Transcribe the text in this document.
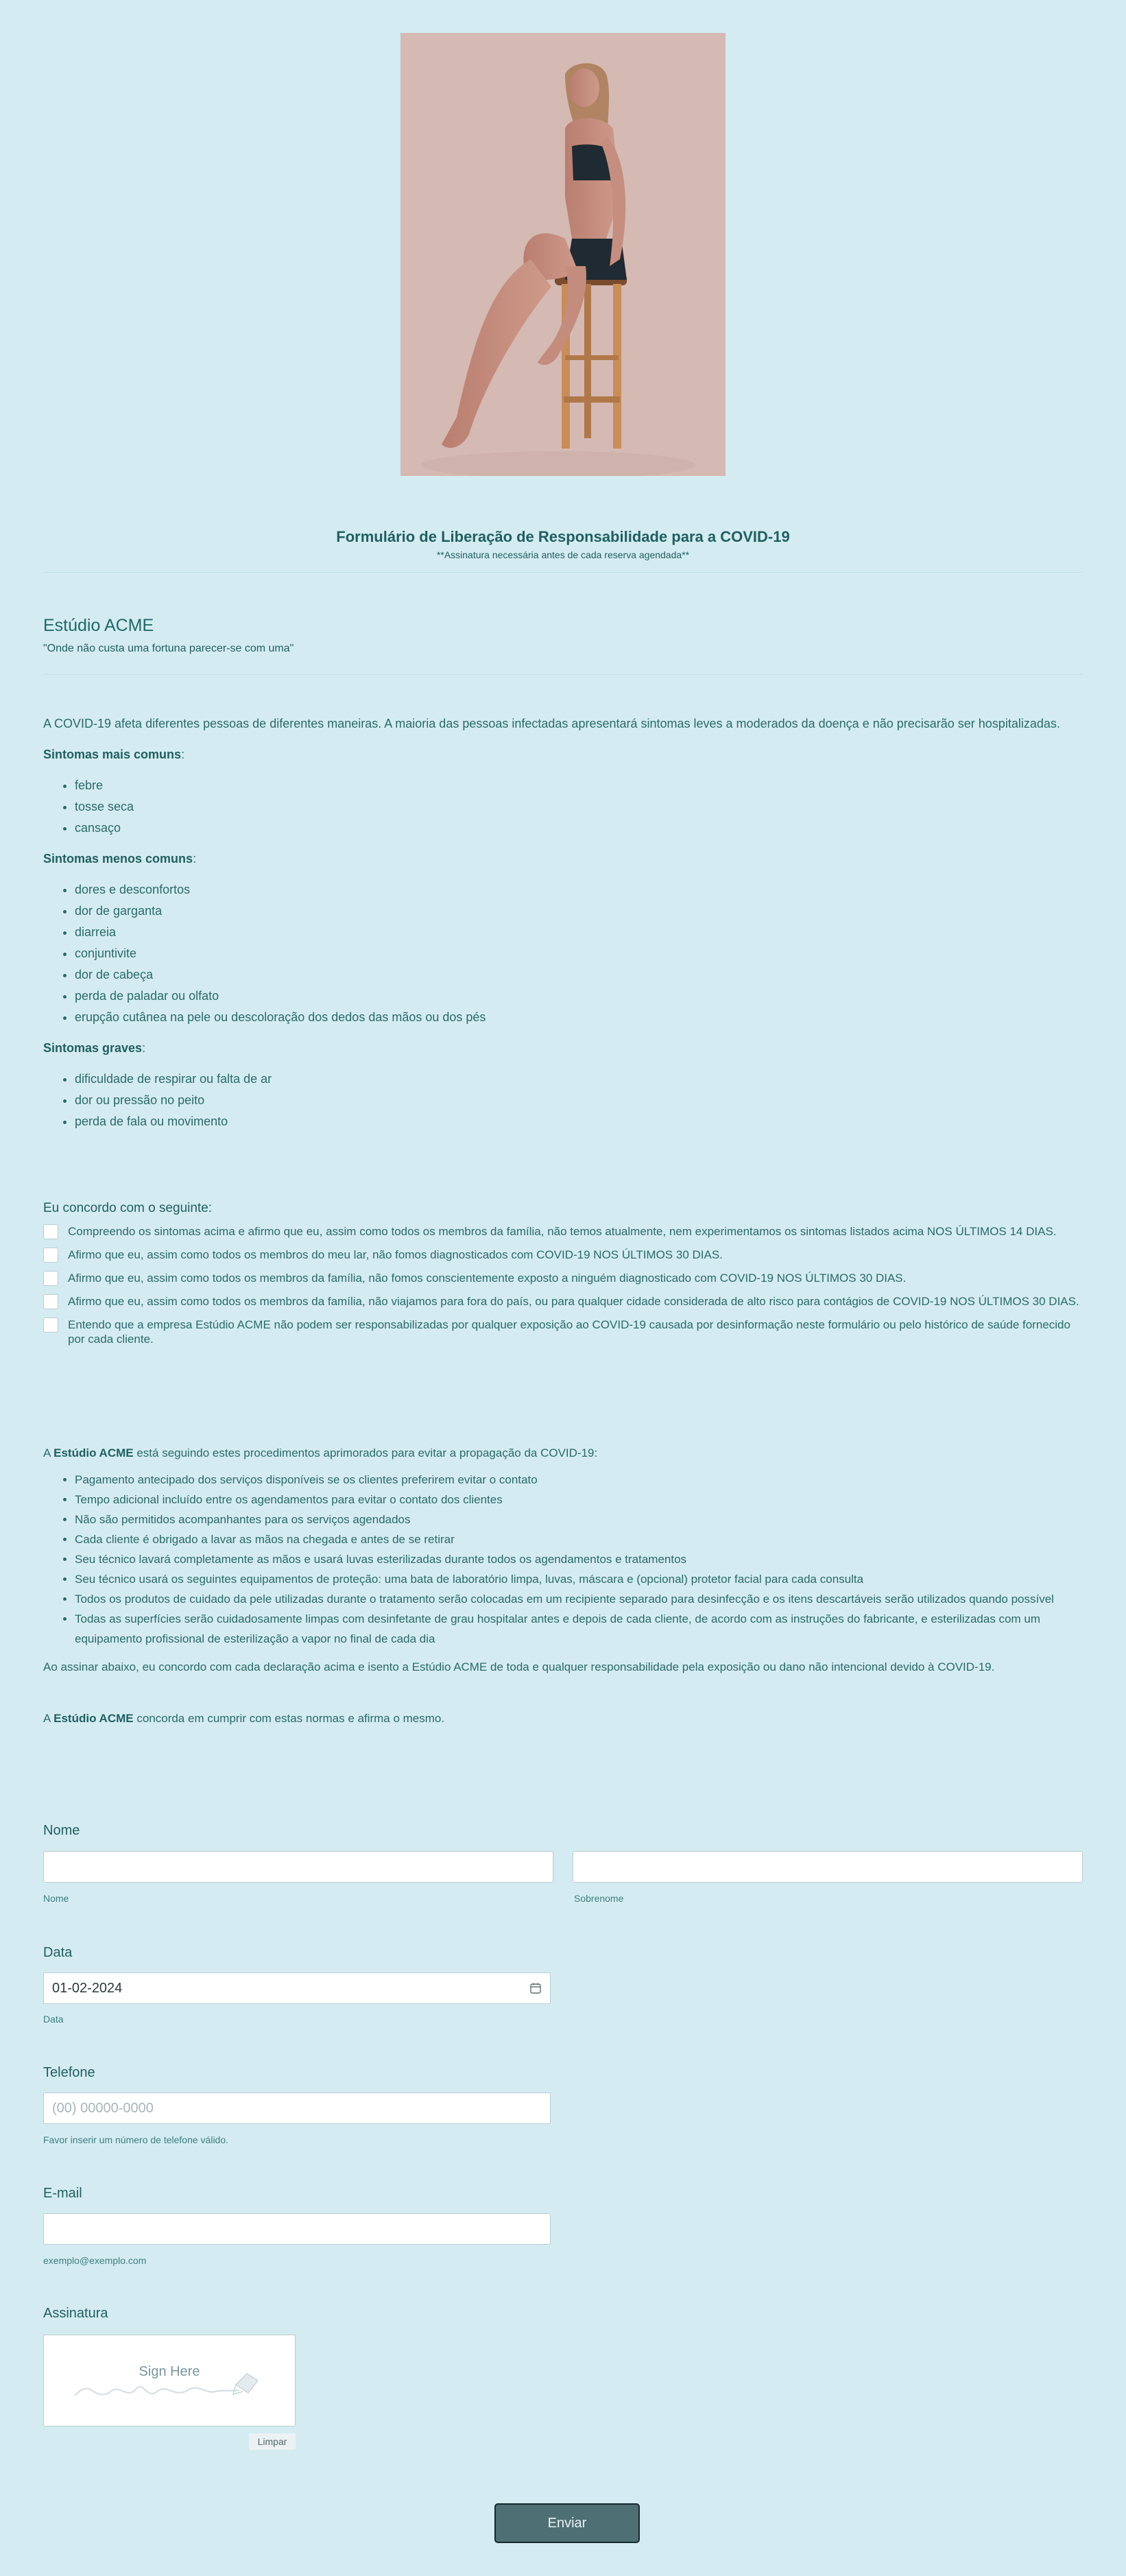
Formulário de Liberação de Responsabilidade para a COVID-19
**Assinatura necessária antes de cada reserva agendada**
Estúdio ACME
"Onde não custa uma fortuna parecer-se com uma"

A COVID-19 afeta diferentes pessoas de diferentes maneiras. A maioria das pessoas infectadas apresentará sintomas leves a moderados da doença e não precisarão ser hospitalizadas.

Sintomas mais comuns:

• febre
• tosse seca
• cansaço

Sintomas menos comuns:

• dores e desconfortos
• dor de garganta
• diarreia
• conjuntivite
• dor de cabeça
• perda de paladar ou olfato
• erupção cutânea na pele ou descoloração dos dedos das mãos ou dos pés

Sintomas graves:

• dificuldade de respirar ou falta de ar
• dor ou pressão no peito
• perda de fala ou movimento
Eu concordo com o seguinte:
Compreendo os sintomas acima e afirmo que eu, assim como todos os membros da família, não temos atualmente, nem experimentamos os sintomas listados acima NOS ÚLTIMOS 14 DIAS.
Afirmo que eu, assim como todos os membros do meu lar, não fomos diagnosticados com COVID-19 NOS ÚLTIMOS 30 DIAS.
Afirmo que eu, assim como todos os membros da família, não fomos conscientemente exposto a ninguém diagnosticado com COVID-19 NOS ÚLTIMOS 30 DIAS.
Afirmo que eu, assim como todos os membros da família, não viajamos para fora do país, ou para qualquer cidade considerada de alto risco para contágios de COVID-19 NOS ÚLTIMOS 30 DIAS.
Entendo que a empresa Estúdio ACME não podem ser responsabilizadas por qualquer exposição ao COVID-19 causada por desinformação neste formulário ou pelo histórico de saúde fornecido por cada cliente.

A Estúdio ACME está seguindo estes procedimentos aprimorados para evitar a propagação da COVID-19:

• Pagamento antecipado dos serviços disponíveis se os clientes preferirem evitar o contato
• Tempo adicional incluído entre os agendamentos para evitar o contato dos clientes
• Não são permitidos acompanhantes para os serviços agendados
• Cada cliente é obrigado a lavar as mãos na chegada e antes de se retirar
• Seu técnico lavará completamente as mãos e usará luvas esterilizadas durante todos os agendamentos e tratamentos
• Seu técnico usará os seguintes equipamentos de proteção: uma bata de laboratório limpa, luvas, máscara e (opcional) protetor facial para cada consulta
• Todos os produtos de cuidado da pele utilizadas durante o tratamento serão colocadas em um recipiente separado para desinfecção e os itens descartáveis serão utilizados quando possível
• Todas as superfícies serão cuidadosamente limpas com desinfetante de grau hospitalar antes e depois de cada cliente, de acordo com as instruções do fabricante, e esterilizadas com um equipamento profissional de esterilização a vapor no final de cada dia

Ao assinar abaixo, eu concordo com cada declaração acima e isento a Estúdio ACME de toda e qualquer responsabilidade pela exposição ou dano não intencional devido à COVID-19.

A Estúdio ACME concorda em cumprir com estas normas e afirma o mesmo.

Nome
Nome	Sobrenome
Data
01-02-2024
Data
Telefone
(00) 00000-0000
Favor inserir um número de telefone válido.
E-mail
exemplo@exemplo.com
Assinatura
Sign Here
Limpar
Enviar
